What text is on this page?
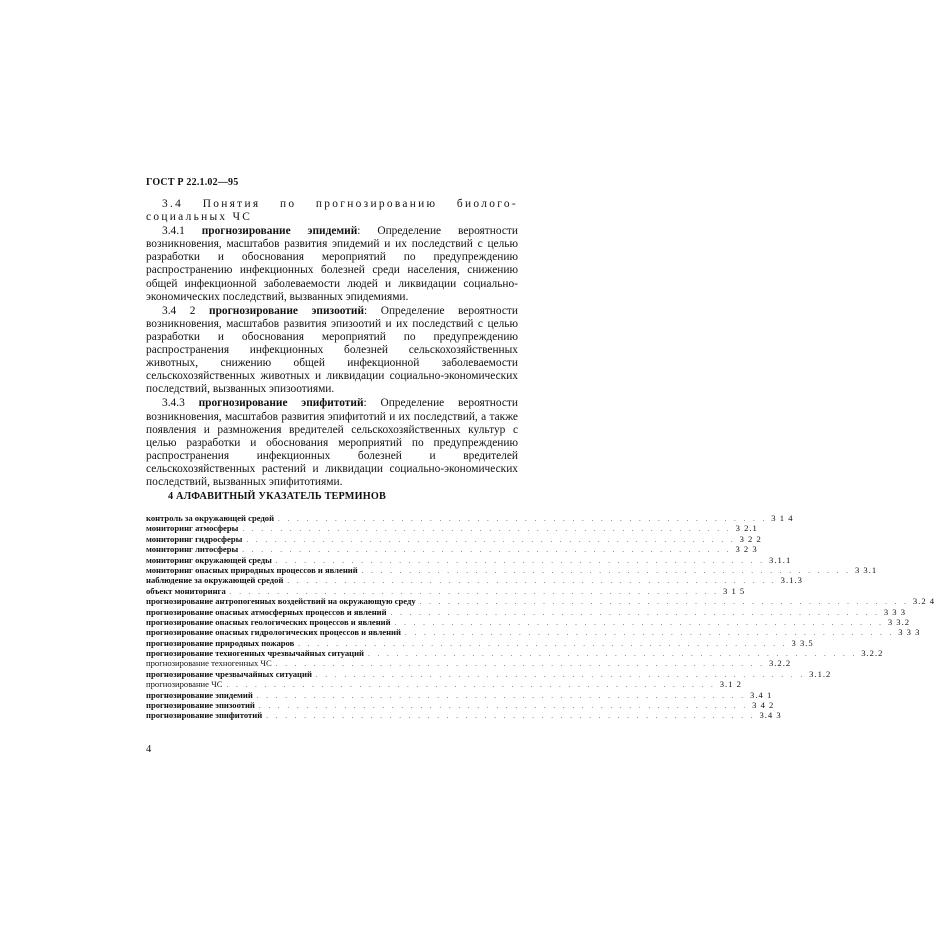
ГОСТ Р 22.1.02—95

3.4 Понятия по прогнозированию биолого-социальных ЧС

3.4.1 прогнозирование эпидемий: Определение вероятности возникновения, масштабов развития эпидемий и их последствий с целью разработки и обоснования мероприятий по предупреждению распространению инфекционных болезней среди населения, снижению общей инфекционной заболеваемости людей и ликвидации социально-экономических последствий, вызванных эпидемиями.

3.4 2 прогнозирование эпизоотий: Определение вероятности возникновения, масштабов развития эпизоотий и их последствий с целью разработки и обоснования мероприятий по предупреждению распространения инфекционных болезней сельскохозяйственных животных, снижению общей инфекционной заболеваемости сельскохозяйственных животных и ликвидации социально-экономических последствий, вызванных эпизоотиями.

3.4.3 прогнозирование эпифитотий: Определение вероятности возникновения, масштабов развития эпифитотий и их последствий, а также появления и размножения вредителей сельскохозяйственных культур с целью разработки и обоснования мероприятий по предупреждению распространения инфекционных болезней и вредителей сельскохозяйственных растений и ликвидации социально-экономических последствий, вызванных эпифитотиями.

4 АЛФАВИТНЫЙ УКАЗАТЕЛЬ ТЕРМИНОВ
контроль за окружающей средой . . . . . . . . . . . . . . . . . . . . . . . . . . . . . . . . . . . . . . . . . . . . . . . . . . . . 3 1 4
мониторинг атмосферы . . . . . . . . . . . . . . . . . . . . . . . . . . . . . . . . . . . . . . . . . . . . . . . . . . . . 3 2.1
мониторинг гидросферы . . . . . . . . . . . . . . . . . . . . . . . . . . . . . . . . . . . . . . . . . . . . . . . . . . . . 3 2 2
мониторинг литосферы . . . . . . . . . . . . . . . . . . . . . . . . . . . . . . . . . . . . . . . . . . . . . . . . . . . . 3 2 3
мониторинг окружающей среды . . . . . . . . . . . . . . . . . . . . . . . . . . . . . . . . . . . . . . . . . . . . . . . . . . . . 3.1.1
мониторинг опасных природных процессов и явлений . . . . . . . . . . . . . . . . . . . . . . . . . . . . . . . . . . . . . . . . . . . . . . . . . . . . 3 3.1
наблюдение за окружающей средой . . . . . . . . . . . . . . . . . . . . . . . . . . . . . . . . . . . . . . . . . . . . . . . . . . . . 3.1.3
объект мониторинга . . . . . . . . . . . . . . . . . . . . . . . . . . . . . . . . . . . . . . . . . . . . . . . . . . . . 3 1 5
прогнозирование антропогенных воздействий на окружающую среду . . . . . . . . . . . . . . . . . . . . . . . . . . . . . . . . . . . . . . . . . . . . . . . . . . . . 3.2 4
прогнозирование опасных атмосферных процессов и явлений . . . . . . . . . . . . . . . . . . . . . . . . . . . . . . . . . . . . . . . . . . . . . . . . . . . . 3 3 3
прогнозирование опасных геологических процессов и явлений . . . . . . . . . . . . . . . . . . . . . . . . . . . . . . . . . . . . . . . . . . . . . . . . . . . . 3 3.2
прогнозирование опасных гидрологических процессов и явлений . . . . . . . . . . . . . . . . . . . . . . . . . . . . . . . . . . . . . . . . . . . . . . . . . . . . 3 3 3
прогнозирование природных пожаров . . . . . . . . . . . . . . . . . . . . . . . . . . . . . . . . . . . . . . . . . . . . . . . . . . . . 3 3.5
прогнозирование техногенных чрезвычайных ситуаций . . . . . . . . . . . . . . . . . . . . . . . . . . . . . . . . . . . . . . . . . . . . . . . . . . . . 3.2.2
прогнозирование техногенных ЧС . . . . . . . . . . . . . . . . . . . . . . . . . . . . . . . . . . . . . . . . . . . . . . . . . . . . 3.2.2
прогнозирование чрезвычайных ситуаций . . . . . . . . . . . . . . . . . . . . . . . . . . . . . . . . . . . . . . . . . . . . . . . . . . . . 3.1.2
прогнозирование ЧС . . . . . . . . . . . . . . . . . . . . . . . . . . . . . . . . . . . . . . . . . . . . . . . . . . . . 3.1 2
прогнозирование эпидемий . . . . . . . . . . . . . . . . . . . . . . . . . . . . . . . . . . . . . . . . . . . . . . . . . . . . 3.4 1
прогнозирование эпизоотий . . . . . . . . . . . . . . . . . . . . . . . . . . . . . . . . . . . . . . . . . . . . . . . . . . . . 3 4 2
прогнозирование эпифитотий . . . . . . . . . . . . . . . . . . . . . . . . . . . . . . . . . . . . . . . . . . . . . . . . . . . . 3.4 3
4
